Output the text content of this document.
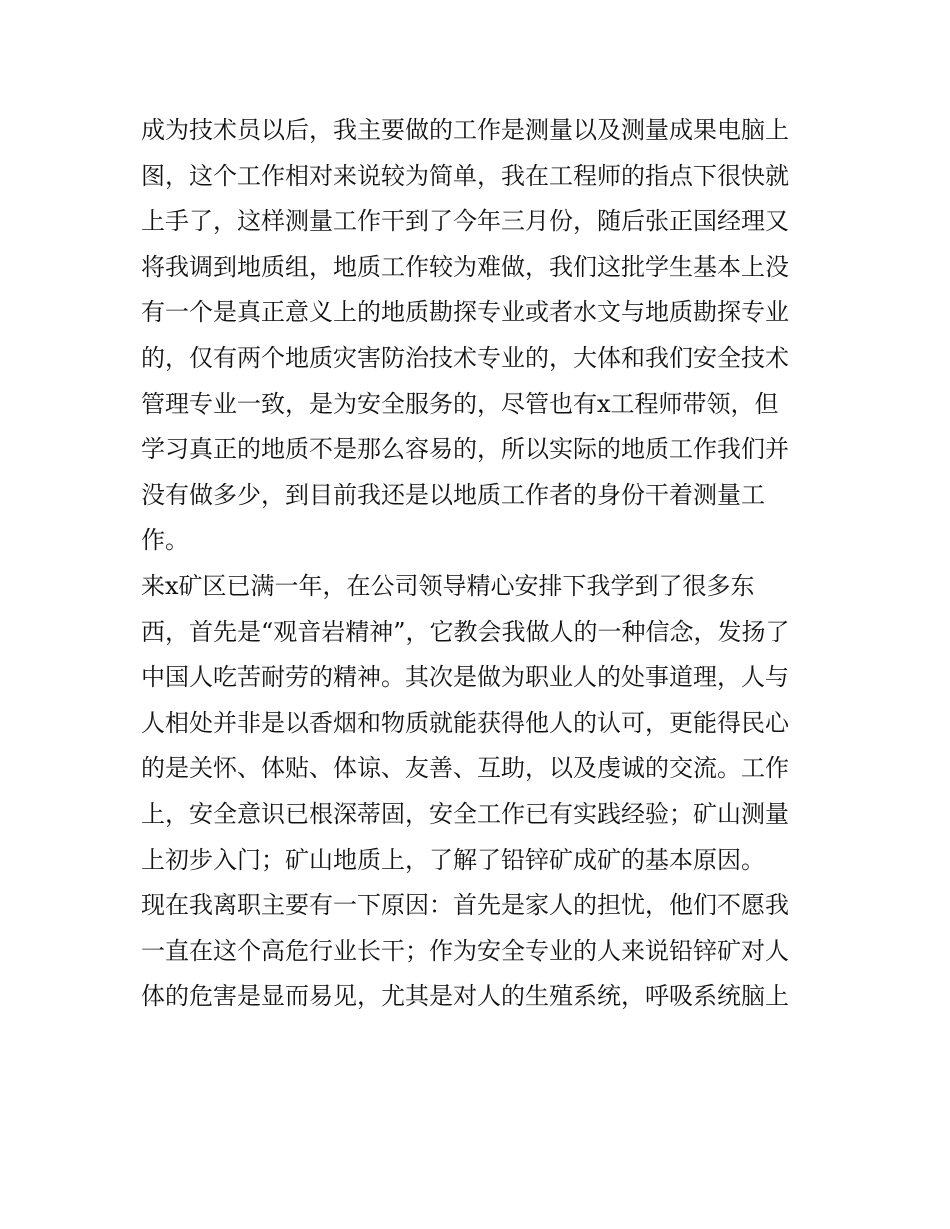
成为技术员以后，我主要做的工作是测量以及测量成果电脑上
图，这个工作相对来说较为简单，我在工程师的指点下很快就
上手了，这样测量工作干到了今年三月份，随后张正国经理又
将我调到地质组，地质工作较为难做，我们这批学生基本上没
有一个是真正意义上的地质勘探专业或者水文与地质勘探专业
的，仅有两个地质灾害防治技术专业的，大体和我们安全技术
管理专业一致，是为安全服务的，尽管也有x工程师带领，但
学习真正的地质不是那么容易的，所以实际的地质工作我们并
没有做多少，到目前我还是以地质工作者的身份干着测量工
作。
来x矿区已满一年，在公司领导精心安排下我学到了很多东
西，首先是“观音岩精神”，它教会我做人的一种信念，发扬了
中国人吃苦耐劳的精神。其次是做为职业人的处事道理，人与
人相处并非是以香烟和物质就能获得他人的认可，更能得民心
的是关怀、体贴、体谅、友善、互助，以及虔诚的交流。工作
上，安全意识已根深蒂固，安全工作已有实践经验；矿山测量
上初步入门；矿山地质上，了解了铅锌矿成矿的基本原因。
现在我离职主要有一下原因：首先是家人的担忧，他们不愿我
一直在这个高危行业长干；作为安全专业的人来说铅锌矿对人
体的危害是显而易见，尤其是对人的生殖系统，呼吸系统脑上
